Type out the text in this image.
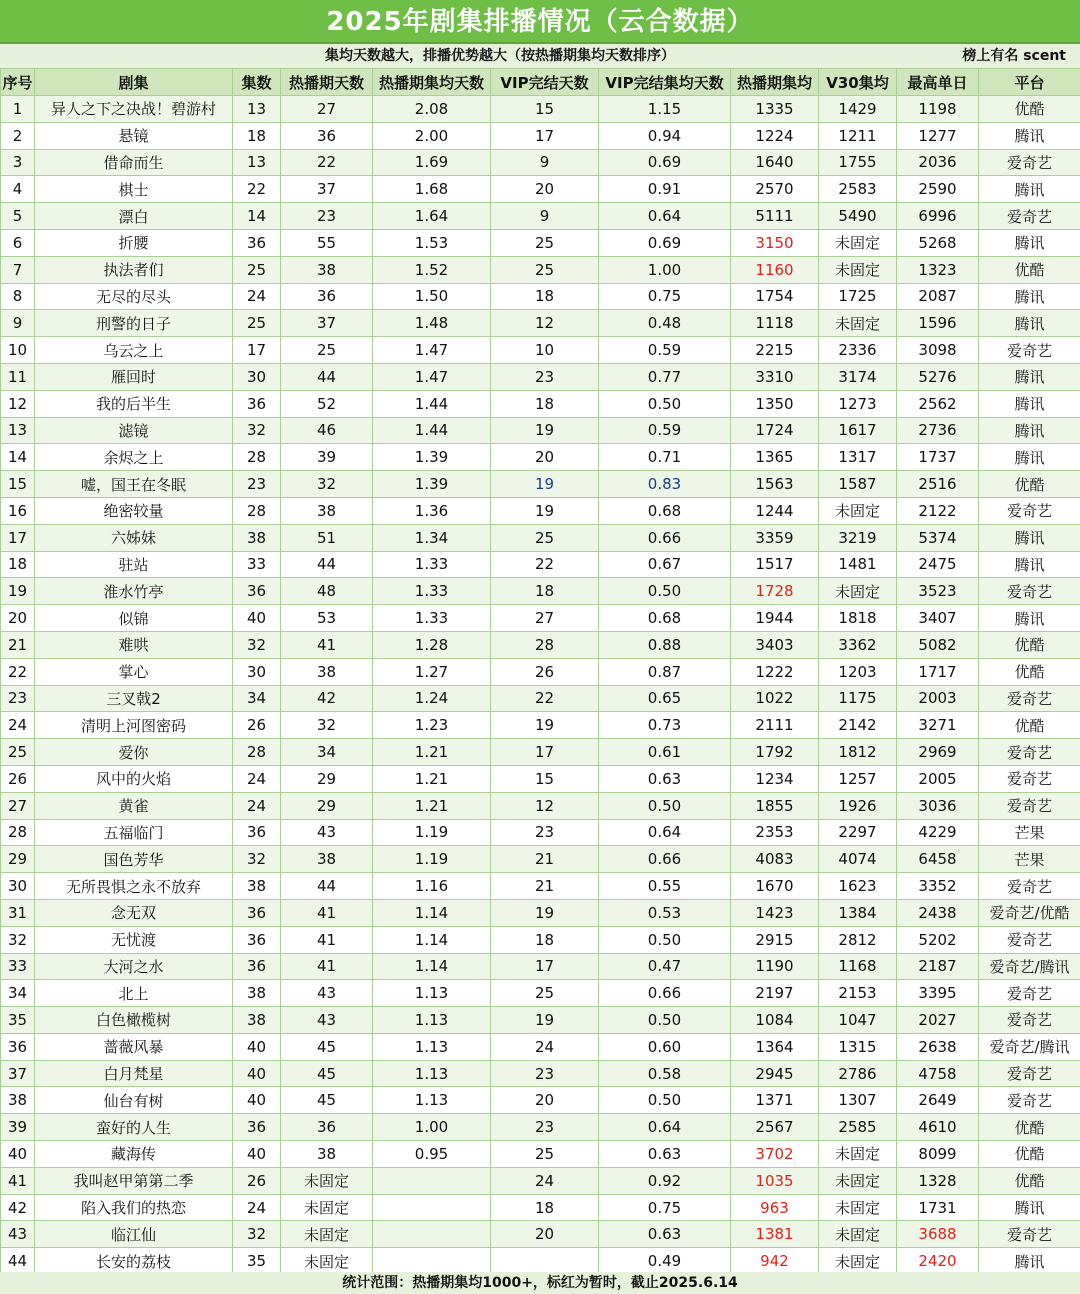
2025年剧集排播情况（云合数据）
集均天数越大，排播优势越大（按热播期集均天数排序）	榜上有名 scent
序号	剧集	集数	热播期天数	热播期集均天数	VIP完结天数	VIP完结集均天数	热播期集均	V30集均	最高单日	平台
1	异人之下之决战！碧游村	13	27	2.08	15	1.15	1335	1429	1198	优酷
2	悬镜	18	36	2.00	17	0.94	1224	1211	1277	腾讯
3	借命而生	13	22	1.69	9	0.69	1640	1755	2036	爱奇艺
4	棋士	22	37	1.68	20	0.91	2570	2583	2590	腾讯
5	漂白	14	23	1.64	9	0.64	5111	5490	6996	爱奇艺
6	折腰	36	55	1.53	25	0.69	3150	未固定	5268	腾讯
7	执法者们	25	38	1.52	25	1.00	1160	未固定	1323	优酷
8	无尽的尽头	24	36	1.50	18	0.75	1754	1725	2087	腾讯
9	刑警的日子	25	37	1.48	12	0.48	1118	未固定	1596	腾讯
10	乌云之上	17	25	1.47	10	0.59	2215	2336	3098	爱奇艺
11	雁回时	30	44	1.47	23	0.77	3310	3174	5276	腾讯
12	我的后半生	36	52	1.44	18	0.50	1350	1273	2562	腾讯
13	滤镜	32	46	1.44	19	0.59	1724	1617	2736	腾讯
14	余烬之上	28	39	1.39	20	0.71	1365	1317	1737	腾讯
15	嘘，国王在冬眠	23	32	1.39	19	0.83	1563	1587	2516	优酷
16	绝密较量	28	38	1.36	19	0.68	1244	未固定	2122	爱奇艺
17	六姊妹	38	51	1.34	25	0.66	3359	3219	5374	腾讯
18	驻站	33	44	1.33	22	0.67	1517	1481	2475	腾讯
19	淮水竹亭	36	48	1.33	18	0.50	1728	未固定	3523	爱奇艺
20	似锦	40	53	1.33	27	0.68	1944	1818	3407	腾讯
21	难哄	32	41	1.28	28	0.88	3403	3362	5082	优酷
22	掌心	30	38	1.27	26	0.87	1222	1203	1717	优酷
23	三叉戟2	34	42	1.24	22	0.65	1022	1175	2003	爱奇艺
24	清明上河图密码	26	32	1.23	19	0.73	2111	2142	3271	优酷
25	爱你	28	34	1.21	17	0.61	1792	1812	2969	爱奇艺
26	风中的火焰	24	29	1.21	15	0.63	1234	1257	2005	爱奇艺
27	黄雀	24	29	1.21	12	0.50	1855	1926	3036	爱奇艺
28	五福临门	36	43	1.19	23	0.64	2353	2297	4229	芒果
29	国色芳华	32	38	1.19	21	0.66	4083	4074	6458	芒果
30	无所畏惧之永不放弃	38	44	1.16	21	0.55	1670	1623	3352	爱奇艺
31	念无双	36	41	1.14	19	0.53	1423	1384	2438	爱奇艺/优酷
32	无忧渡	36	41	1.14	18	0.50	2915	2812	5202	爱奇艺
33	大河之水	36	41	1.14	17	0.47	1190	1168	2187	爱奇艺/腾讯
34	北上	38	43	1.13	25	0.66	2197	2153	3395	爱奇艺
35	白色橄榄树	38	43	1.13	19	0.50	1084	1047	2027	爱奇艺
36	蔷薇风暴	40	45	1.13	24	0.60	1364	1315	2638	爱奇艺/腾讯
37	白月梵星	40	45	1.13	23	0.58	2945	2786	4758	爱奇艺
38	仙台有树	40	45	1.13	20	0.50	1371	1307	2649	爱奇艺
39	蛮好的人生	36	36	1.00	23	0.64	2567	2585	4610	优酷
40	藏海传	40	38	0.95	25	0.63	3702	未固定	8099	优酷
41	我叫赵甲第第二季	26	未固定		24	0.92	1035	未固定	1328	优酷
42	陷入我们的热恋	24	未固定		18	0.75	963	未固定	1731	腾讯
43	临江仙	32	未固定		20	0.63	1381	未固定	3688	爱奇艺
44	长安的荔枝	35	未固定			0.49	942	未固定	2420	腾讯
统计范围：热播期集均1000+，标红为暂时，截止2025.6.14
